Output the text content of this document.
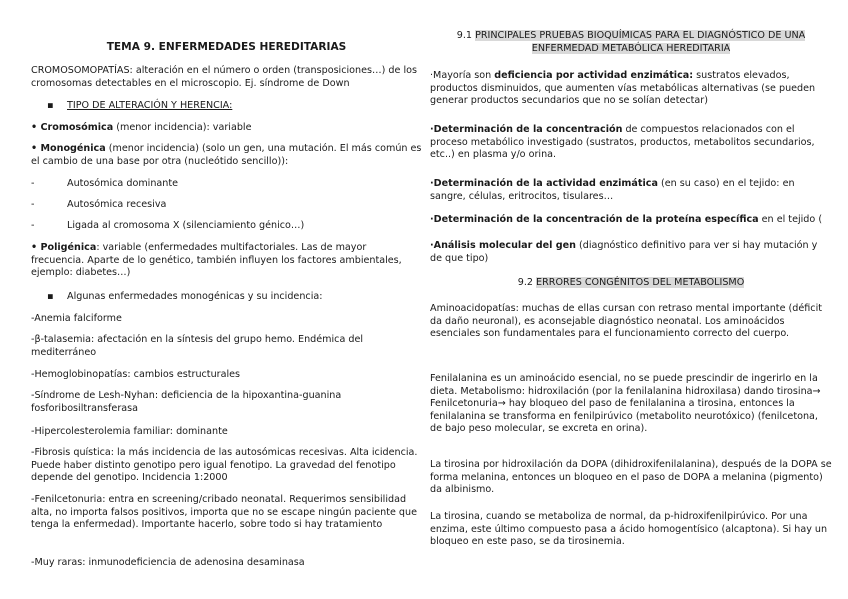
TEMA 9. ENFERMEDADES HEREDITARIAS

CROMOSOMOPATÍAS: alteración en el número o orden (transposiciones…) de los cromosomas detectables en el microscopio. Ej. síndrome de Down

▪ TIPO DE ALTERACIÓN Y HERENCIA:

• Cromosómica (menor incidencia): variable

• Monogénica (menor incidencia) (solo un gen, una mutación. El más común es el cambio de una base por otra (nucleótido sencillo)):

-	Autosómica dominante
-	Autosómica recesiva
-	Ligada al cromosoma X (silenciamiento génico…)

• Poligénica: variable (enfermedades multifactoriales. Las de mayor frecuencia. Aparte de lo genético, también influyen los factores ambientales, ejemplo: diabetes…)

▪ Algunas enfermedades monogénicas y su incidencia:

-Anemia falciforme

-β-talasemia: afectación en la síntesis del grupo hemo. Endémica del mediterráneo

-Hemoglobinopatías: cambios estructurales

-Síndrome de Lesh-Nyhan: deficiencia de la hipoxantina-guanina fosforibosiltransferasa

-Hipercolesterolemia familiar: dominante

-Fibrosis quística: la más incidencia de las autosómicas recesivas. Alta icidencia. Puede haber distinto genotipo pero igual fenotipo. La gravedad del fenotipo depende del genotipo. Incidencia 1:2000

-Fenilcetonuria: entra en screening/cribado neonatal. Requerimos sensibilidad alta, no importa falsos positivos, importa que no se escape ningún paciente que tenga la enfermedad). Importante hacerlo, sobre todo si hay tratamiento

-Muy raras: inmunodeficiencia de adenosina desaminasa

9.1 PRINCIPALES PRUEBAS BIOQUÍMICAS PARA EL DIAGNÓSTICO DE UNA ENFERMEDAD METABÓLICA HEREDITARIA

·Mayoría son deficiencia por actividad enzimática: sustratos elevados, productos disminuidos, que aumenten vías metabólicas alternativas (se pueden generar productos secundarios que no se solían detectar)

·Determinación de la concentración de compuestos relacionados con el proceso metabólico investigado (sustratos, productos, metabolitos secundarios, etc..) en plasma y/o orina.

·Determinación de la actividad enzimática (en su caso) en el tejido: en sangre, células, eritrocitos, tisulares…

·Determinación de la concentración de la proteína específica en el tejido (

·Análisis molecular del gen (diagnóstico definitivo para ver si hay mutación y de que tipo)

9.2 ERRORES CONGÉNITOS DEL METABOLISMO

Aminoacidopatías: muchas de ellas cursan con retraso mental importante (déficit da daño neuronal), es aconsejable diagnóstico neonatal. Los aminoácidos esenciales son fundamentales para el funcionamiento correcto del cuerpo.

Fenilalanina es un aminoácido esencial, no se puede prescindir de ingerirlo en la dieta. Metabolismo: hidroxilación (por la fenilalanina hidroxilasa) dando tirosina→ Fenilcetonuria→ hay bloqueo del paso de fenilalanina a tirosina, entonces la fenilalanina se transforma en fenilpirúvico (metabolito neurotóxico) (fenilcetona, de bajo peso molecular, se excreta en orina).

La tirosina por hidroxilación da DOPA (dihidroxifenilalanina), después de la DOPA se forma melanina, entonces un bloqueo en el paso de DOPA a melanina (pigmento) da albinismo.

La tirosina, cuando se metaboliza de normal, da p-hidroxifenilpirúvico. Por una enzima, este último compuesto pasa a ácido homogentísico (alcaptona). Si hay un bloqueo en este paso, se da tirosinemia.
